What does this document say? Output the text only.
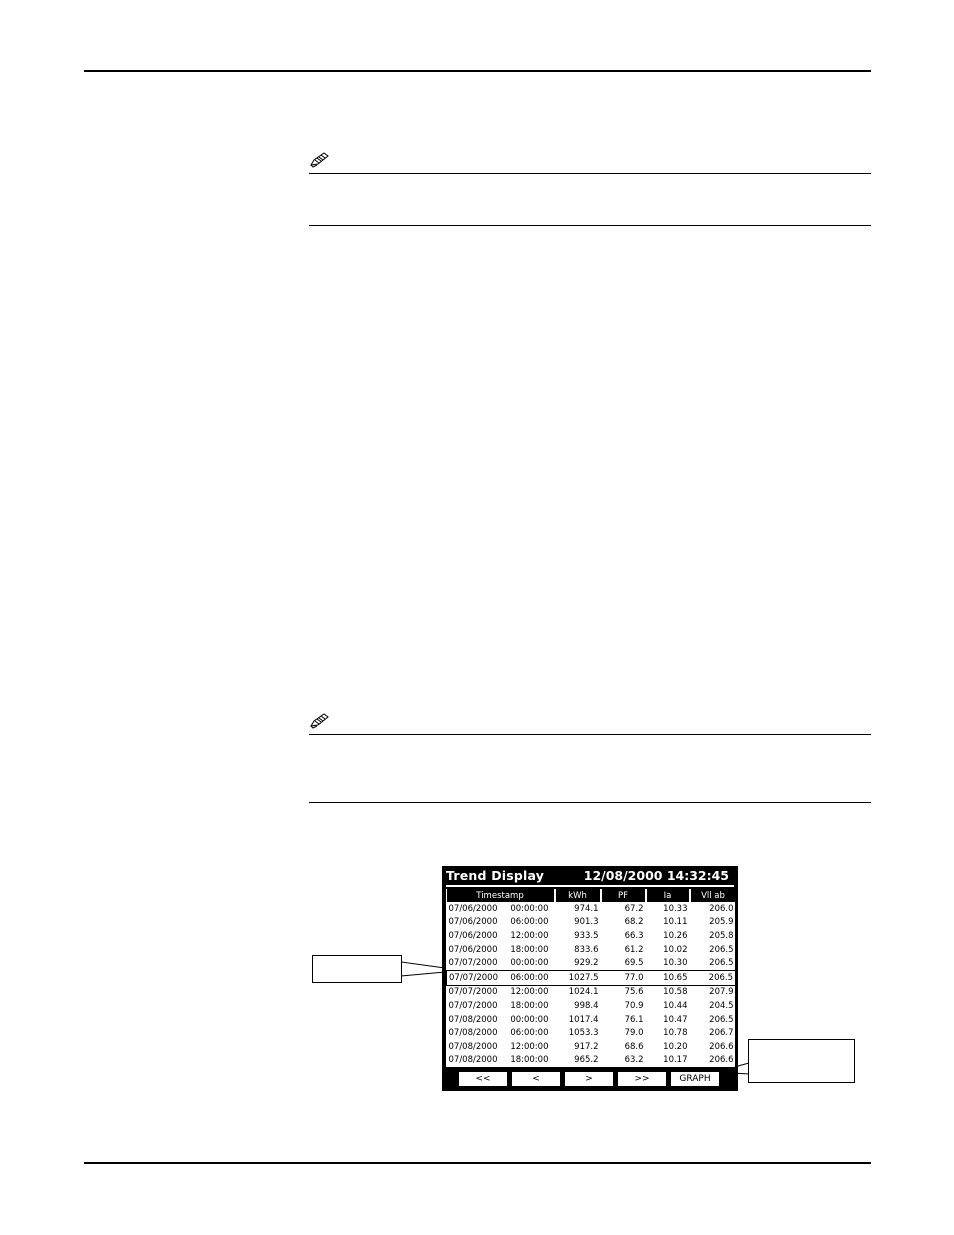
Trend Display	12/08/2000 14:32:45
Timestamp	kWh	PF	Ia	Vll ab
07/06/2000 00:00:00	974.1	67.2	10.33	206.0
07/06/2000 06:00:00	901.3	68.2	10.11	205.9
07/06/2000 12:00:00	933.5	66.3	10.26	205.8
07/06/2000 18:00:00	833.6	61.2	10.02	206.5
07/07/2000 00:00:00	929.2	69.5	10.30	206.5
07/07/2000 06:00:00	1027.5	77.0	10.65	206.5
07/07/2000 12:00:00	1024.1	75.6	10.58	207.9
07/07/2000 18:00:00	998.4	70.9	10.44	204.5
07/08/2000 00:00:00	1017.4	76.1	10.47	206.5
07/08/2000 06:00:00	1053.3	79.0	10.78	206.7
07/08/2000 12:00:00	917.2	68.6	10.20	206.6
07/08/2000 18:00:00	965.2	63.2	10.17	206.6
<<	<	>	>>	GRAPH
